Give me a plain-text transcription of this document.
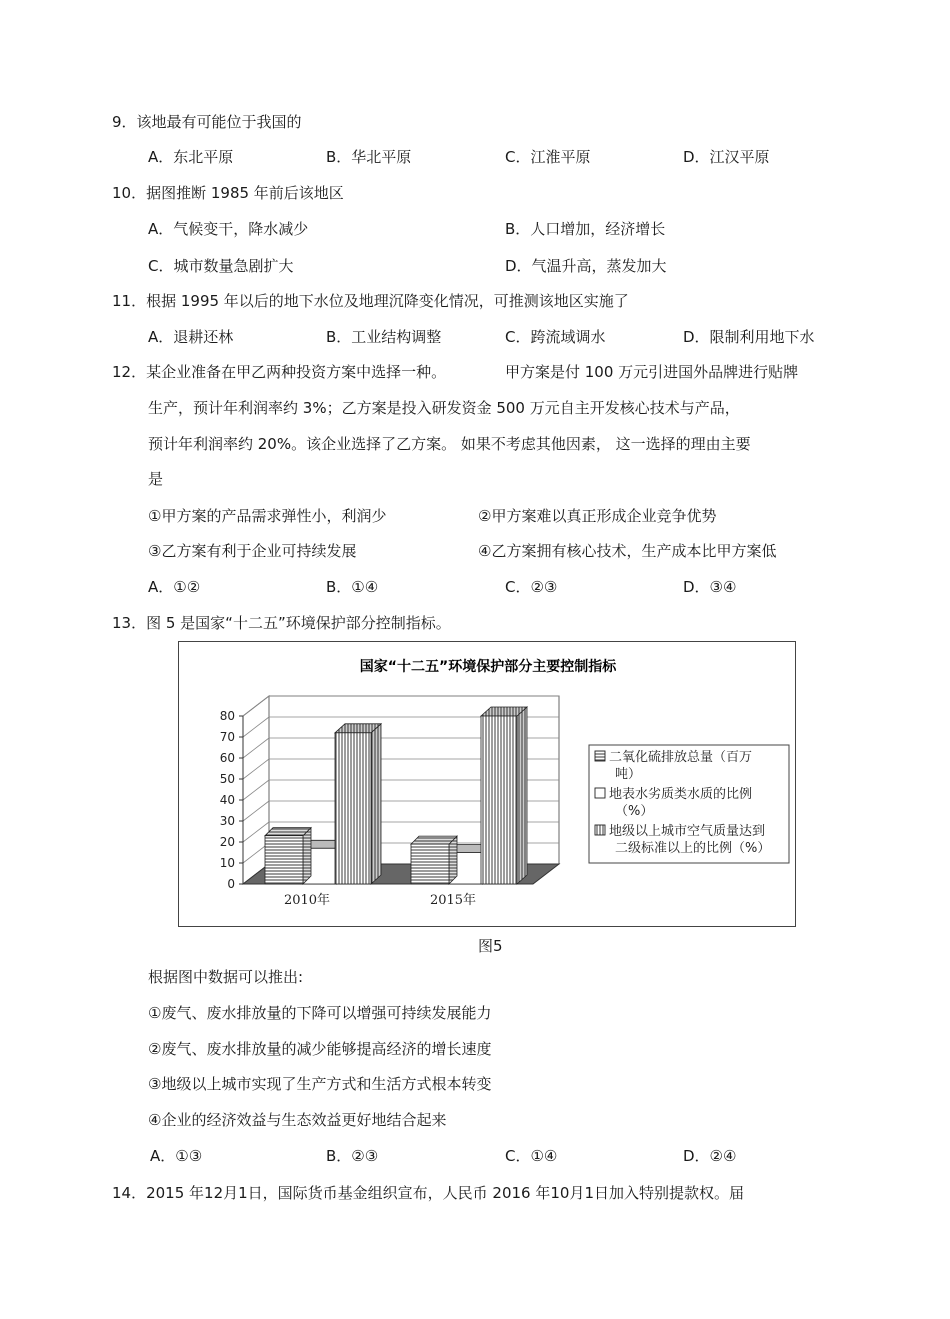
9．该地最有可能位于我国的
A．东北平原	B．华北平原	C．江淮平原	D．江汉平原
10．据图推断 1985 年前后该地区
A．气候变干，降水减少	B．人口增加，经济增长
C．城市数量急剧扩大	D．气温升高，蒸发加大
11．根据 1995 年以后的地下水位及地理沉降变化情况，可推测该地区实施了
A．退耕还林	B．工业结构调整	C．跨流域调水	D．限制利用地下水
12．某企业准备在甲乙两种投资方案中选择一种。	甲方案是付 100 万元引进国外品牌进行贴牌
生产，预计年利润率约 3%；乙方案是投入研发资金 500 万元自主开发核心技术与产品，
预计年利润率约 20%。该企业选择了乙方案。 如果不考虑其他因素， 这一选择的理由主要
是
①甲方案的产品需求弹性小，利润少	②甲方案难以真正形成企业竞争优势
③乙方案有利于企业可持续发展	④乙方案拥有核心技术，生产成本比甲方案低
A．①②	B．①④	C．②③	D．③④
13．图 5 是国家“十二五”环境保护部分控制指标。
国家“十二五”环境保护部分主要控制指标
0
10
20
30
40
50
60
70
80
2010年	2015年
二氧化硫排放总量（百万
吨）
地表水劣质类水质的比例
（%）
地级以上城市空气质量达到
二级标准以上的比例（%）
图5
根据图中数据可以推出:
①废气、废水排放量的下降可以增强可持续发展能力
②废气、废水排放量的减少能够提高经济的增长速度
③地级以上城市实现了生产方式和生活方式根本转变
④企业的经济效益与生态效益更好地结合起来
A．①③	B．②③	C．①④	D．②④
14．2015 年12月1日，国际货币基金组织宣布，人民币 2016 年10月1日加入特别提款权。届
